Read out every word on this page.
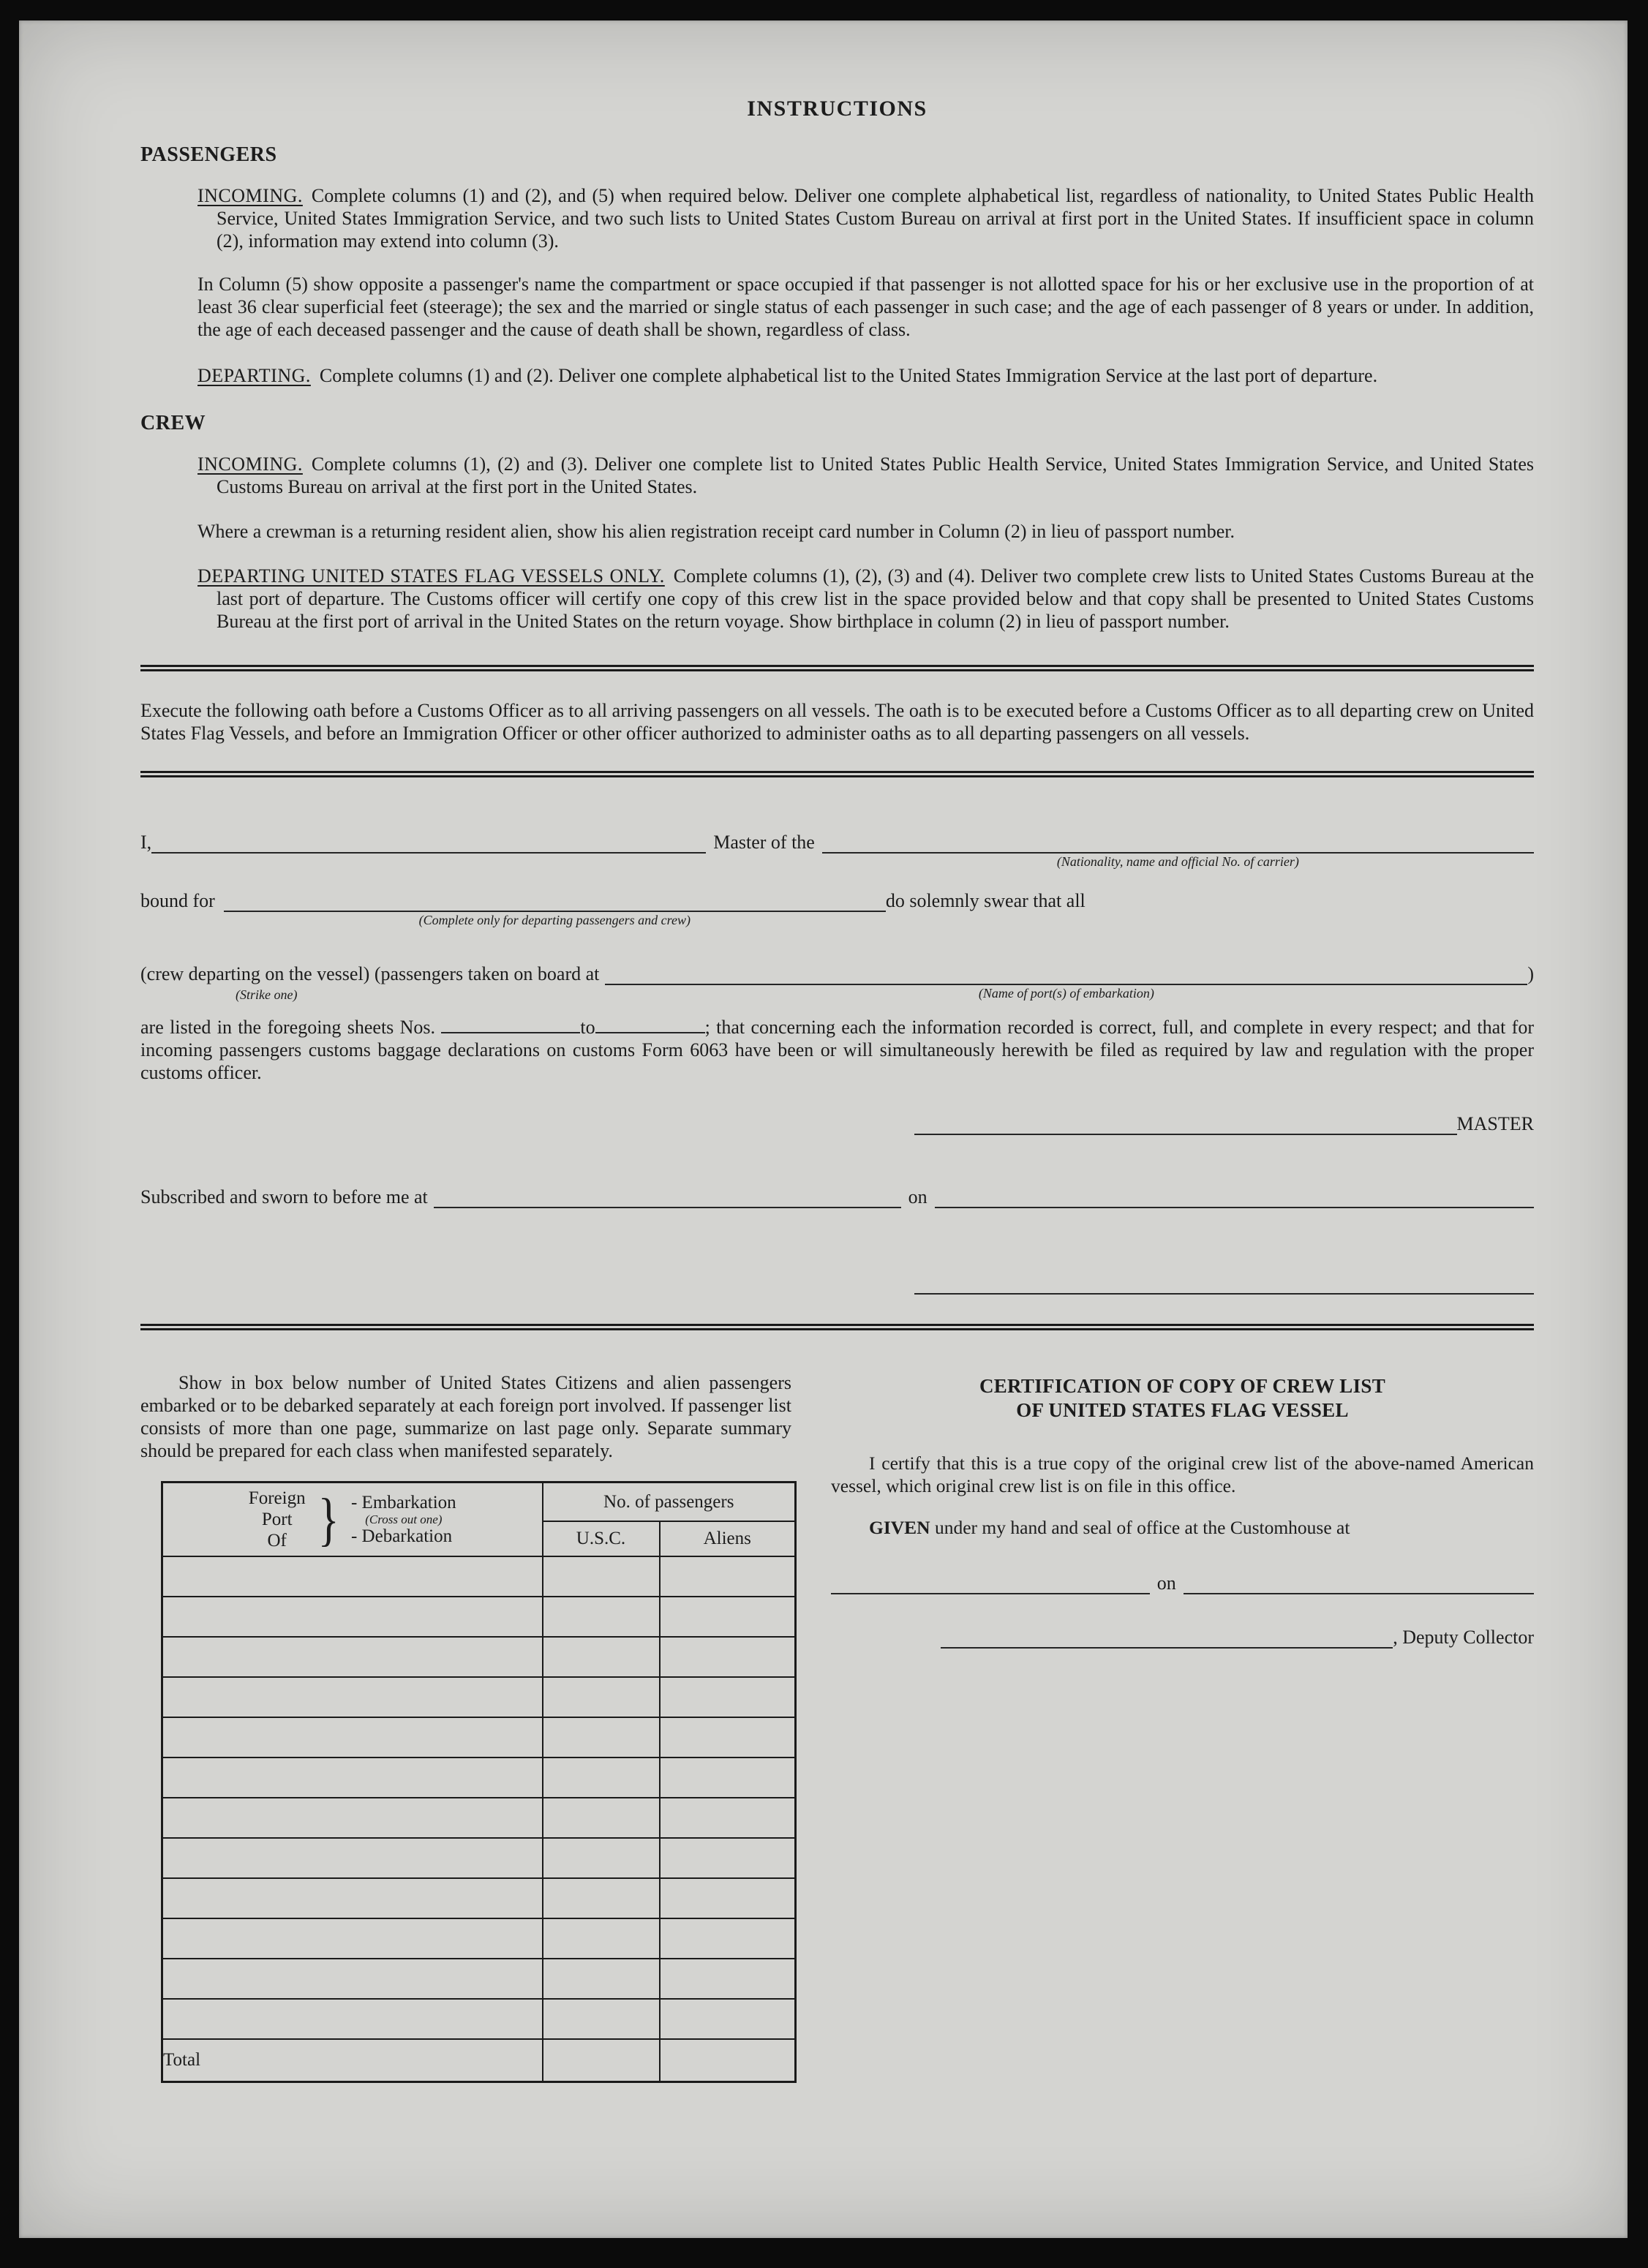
INSTRUCTIONS
PASSENGERS

INCOMING. Complete columns (1) and (2), and (5) when required below. Deliver one complete alphabetical list, regardless of nationality, to United States Public Health Service, United States Immigration Service, and two such lists to United States Custom Bureau on arrival at first port in the United States. If insufficient space in column (2), information may extend into column (3).

In Column (5) show opposite a passenger's name the compartment or space occupied if that passenger is not allotted space for his or her exclusive use in the proportion of at least 36 clear superficial feet (steerage); the sex and the married or single status of each passenger in such case; and the age of each passenger of 8 years or under. In addition, the age of each deceased passenger and the cause of death shall be shown, regardless of class.

DEPARTING. Complete columns (1) and (2). Deliver one complete alphabetical list to the United States Immigration Service at the last port of departure.

CREW

INCOMING. Complete columns (1), (2) and (3). Deliver one complete list to United States Public Health Service, United States Immigration Service, and United States Customs Bureau on arrival at the first port in the United States.

Where a crewman is a returning resident alien, show his alien registration receipt card number in Column (2) in lieu of passport number.

DEPARTING UNITED STATES FLAG VESSELS ONLY. Complete columns (1), (2), (3) and (4). Deliver two complete crew lists to United States Customs Bureau at the last port of departure. The Customs officer will certify one copy of this crew list in the space provided below and that copy shall be presented to United States Customs Bureau at the first port of arrival in the United States on the return voyage. Show birthplace in column (2) in lieu of passport number.

Execute the following oath before a Customs Officer as to all arriving passengers on all vessels. The oath is to be executed before a Customs Officer as to all departing crew on United States Flag Vessels, and before an Immigration Officer or other officer authorized to administer oaths as to all departing passengers on all vessels.

I,	Master of the
(Nationality, name and official No. of carrier)
bound for
(Complete only for departing passengers and crew)
do solemnly swear that all
(crew departing on the vessel) (passengers taken on board at
(Strike one)	(Name of port(s) of embarkation)
)

are listed in the foregoing sheets Nos.	to	; that concerning each the information recorded is correct, full, and complete in every respect; and that for incoming passengers customs baggage declarations on customs Form 6063 have been or will simultaneously herewith be filed as required by law and regulation with the proper customs officer.

MASTER
Subscribed and sworn to before me at	on

Show in box below number of United States Citizens and alien passengers embarked or to be debarked separately at each foreign port involved. If passenger list consists of more than one page, summarize on last page only. Separate summary should be prepared for each class when manifested separately.

Foreign
Port
Of } - Embarkation
(Cross out one)
- Debarkation
	No. of passengers
	U.S.C.	Aliens

Total		
CERTIFICATION OF COPY OF CREW LIST
OF UNITED STATES FLAG VESSEL

I certify that this is a true copy of the original crew list of the above-named American vessel, which original crew list is on file in this office.

GIVEN under my hand and seal of office at the Customhouse at

on
, Deputy Collector
